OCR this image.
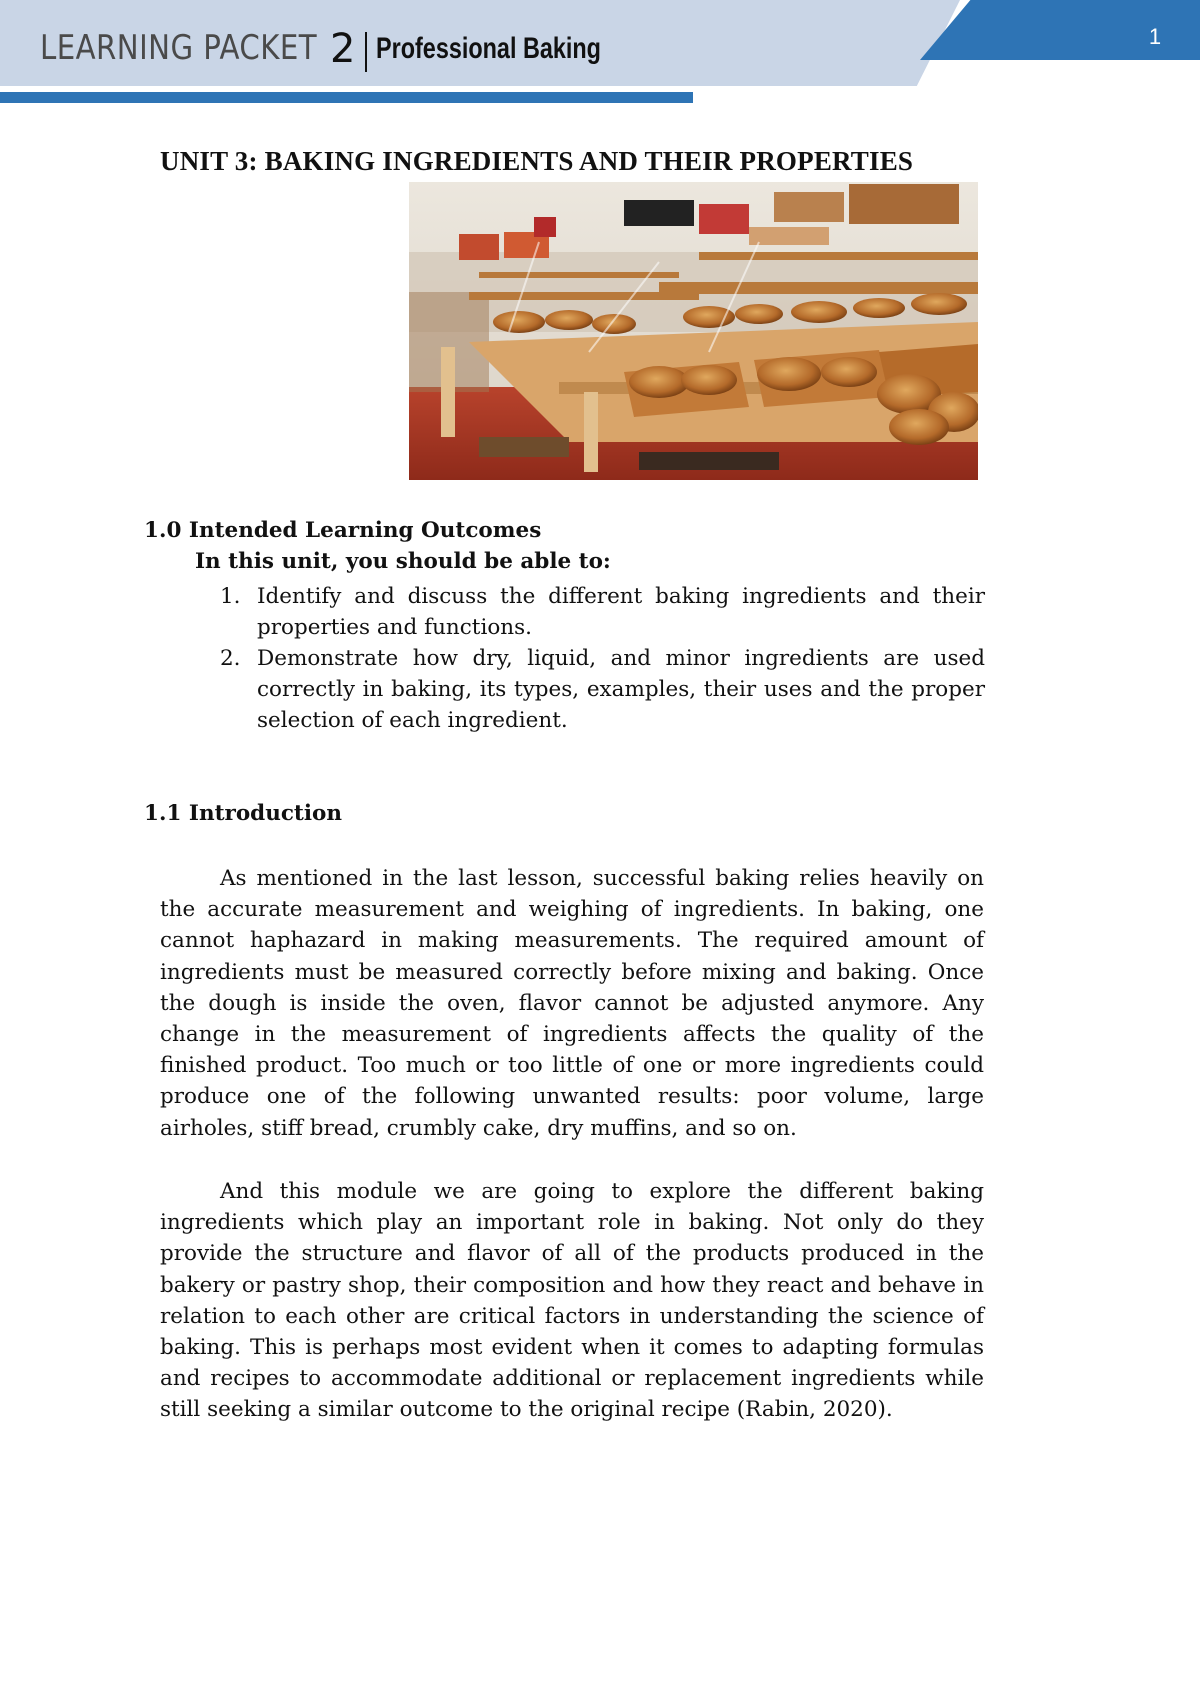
LEARNING PACKET 2 Professional Baking	1
UNIT 3: BAKING INGREDIENTS AND THEIR PROPERTIES
1.0 Intended Learning Outcomes
In this unit, you should be able to:
1. Identify and discuss the different baking ingredients and their properties and functions.
2. Demonstrate how dry, liquid, and minor ingredients are used correctly in baking, its types, examples, their uses and the proper selection of each ingredient.
1.1 Introduction

As mentioned in the last lesson, successful baking relies heavily on the accurate measurement and weighing of ingredients. In baking, one cannot haphazard in making measurements. The required amount of ingredients must be measured correctly before mixing and baking. Once the dough is inside the oven, flavor cannot be adjusted anymore. Any change in the measurement of ingredients affects the quality of the finished product. Too much or too little of one or more ingredients could produce one of the following unwanted results: poor volume, large airholes, stiff bread, crumbly cake, dry muffins, and so on.

And this module we are going to explore the different baking ingredients which play an important role in baking. Not only do they provide the structure and flavor of all of the products produced in the bakery or pastry shop, their composition and how they react and behave in relation to each other are critical factors in understanding the science of baking. This is perhaps most evident when it comes to adapting formulas and recipes to accommodate additional or replacement ingredients while still seeking a similar outcome to the original recipe (Rabin, 2020).
